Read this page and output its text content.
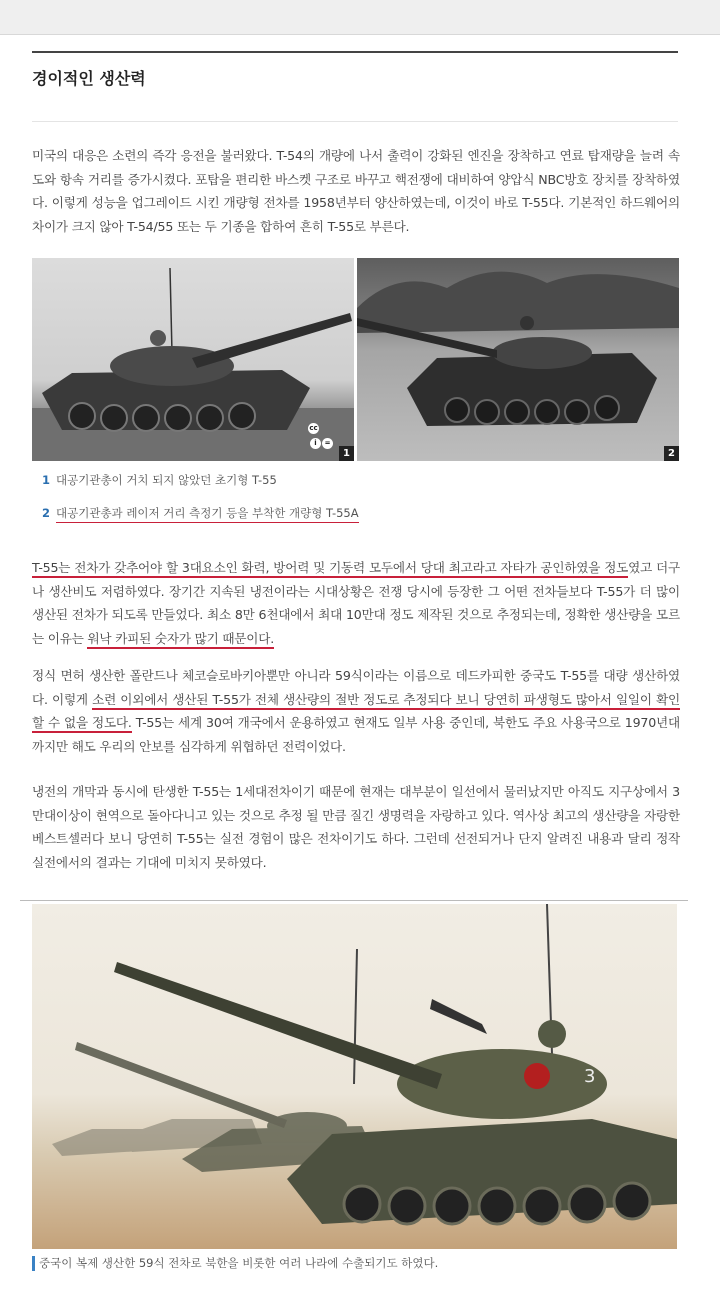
경이적인 생산력
미국의 대응은 소련의 즉각 응전을 불러왔다. T-54의 개량에 나서 출력이 강화된 엔진을 장착하고 연료 탑재량을 늘려 속도와 항속 거리를 증가시켰다. 포탑을 편리한 바스켓 구조로 바꾸고 핵전쟁에 대비하여 양압식 NBC방호 장치를 장착하였다. 이렇게 성능을 업그레이드 시킨 개량형 전차를 1958년부터 양산하였는데, 이것이 바로 T-55다. 기본적인 하드웨어의 차이가 크지 않아 T-54/55 또는 두 기종을 합하여 흔히 T-55로 부른다.
cc
i	=
1	2
1 대공기관총이 거치 되지 않았던 초기형 T-55
2 대공기관총과 레이저 거리 측정기 등을 부착한 개량형 T-55A
T-55는 전차가 갖추어야 할 3대요소인 화력, 방어력 및 기동력 모두에서 당대 최고라고 자타가 공인하였을 정도였고 더구나 생산비도 저렴하였다. 장기간 지속된 냉전이라는 시대상황은 전쟁 당시에 등장한 그 어떤 전차들보다 T-55가 더 많이 생산된 전차가 되도록 만들었다. 최소 8만 6천대에서 최대 10만대 정도 제작된 것으로 추정되는데, 정확한 생산량을 모르는 이유는 워낙 카피된 숫자가 많기 때문이다.
정식 면허 생산한 폴란드나 체코슬로바키아뿐만 아니라 59식이라는 이름으로 데드카피한 중국도 T-55를 대량 생산하였다. 이렇게 소련 이외에서 생산된 T-55가 전체 생산량의 절반 정도로 추정되다 보니 당연히 파생형도 많아서 일일이 확인 할 수 없을 정도다. T-55는 세계 30여 개국에서 운용하였고 현재도 일부 사용 중인데, 북한도 주요 사용국으로 1970년대까지만 해도 우리의 안보를 심각하게 위협하던 전력이었다.
냉전의 개막과 동시에 탄생한 T-55는 1세대전차이기 때문에 현재는 대부분이 일선에서 물러났지만 아직도 지구상에서 3만대이상이 현역으로 돌아다니고 있는 것으로 추정 될 만큼 질긴 생명력을 자랑하고 있다. 역사상 최고의 생산량을 자랑한 베스트셀러다 보니 당연히 T-55는 실전 경험이 많은 전차이기도 하다. 그런데 선전되거나 단지 알려진 내용과 달리 정작 실전에서의 결과는 기대에 미치지 못하였다.
3
중국이 복제 생산한 59식 전차로 북한을 비롯한 여러 나라에 수출되기도 하였다.
